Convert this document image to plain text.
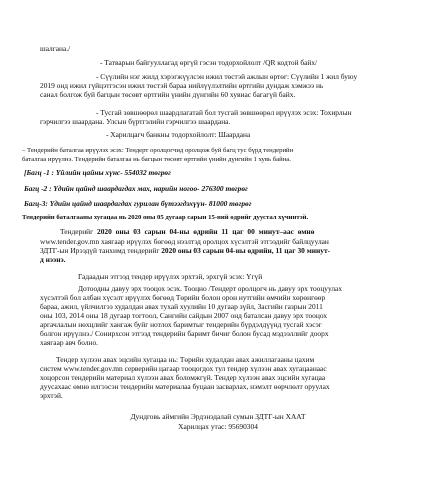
шалгана./
- Татварын байгууллагад өргүй гэсэн тодорхойлолт /QR кодтой байх/
- Сүүлийн нэг жилд хэрэгжүүлсэн ижил төстэй ажлын өртөг: Сүүлийн 1 жил буюу
2019 онд ижил гүйцэтгэсэн ижил төстэй бараа нийлүүлэлтийн өртгийн дундаж хэмжээ нь
санал болгож буй багцын төсөвт өртгийн үнийн дүнгийн 60 хувиас багагүй байх.
- Тусгай зөвшөөрөл шаардлагатай бол тусгай зөвшөөрөл ирүүлэх эсэх: Тохирлын
гэрчилгээ шаардана. Улсын бүртгэлийн гэрчилгээ шаардана.
- Харилцагч банкны тодорхойлолт: Шаардана
– Тендерийн баталгаа ирүүлэх эсэх: Тендерт оролцогчид оролцож буй багц тус бүрд тендерийн
баталгаа ирүүлнэ. Тендерийн баталгаа нь багцын төсөвт өртгийн үнийн дүнгийн 1 хувь байна.
[Багц -1 : Үйлийн цайны хүнс- 554032 төгрөг
Багц -2 : Үдийн цайнд шаардагдах мах, нарийн ногоо- 276300 төгрөг
Багц-3: Үдийн цайнд шаардагдах гурилан бүтээгдэхүүн- 81000 төгрөг
Тендерийн баталгааны хугацаа нь 2020 оны 05 дугаар сарын 15-ний өдрийг дуустал хүчинтэй.
Тендерийг 2020 оны 03 сарын 04-ны өдрийн 11 цаг 00 минут–аас өмнө
www.tender.gov.mn хаягаар ирүүлэх бөгөөд нээлтэд оролцох хүсэлтэй этгээдийг байлцуулан
ЗДТГ-ын Ирээдүй танхимд тендерийг 2020 оны 03 сарын 04-ны өдрийн, 11 цаг 30 минут-
д нээнэ.
Гадаадын этгээд тендер ирүүлэх эрхтэй, эрхгүй эсэх: Үгүй
Дотоодны давуу эрх тооцох эсэх. Тооцно /Тендерт оролцогч нь давуу эрх тооцуулах
хүсэлтэй бол албан хүсэлт ирүүлэх бөгөөд Төрийн болон орон нутгийн өмчийн хөрөнгөөр
бараа, ажил, үйлчилгээ худалдан авах тухай хуулийн 10 дугаар зүйл, Засгийн газрын 2011
оны 103, 2014 оны 18 дугаар тогтоол, Сангийн сайдын 2007 онд баталсан давуу эрх тооцох
аргачлалын нөхцлийг хангаж буйг нотлох баримтыг тендерийн бүрдэлдүүнд тусгай хэсэг
болгон ирүүлнэ./ Сонирхсон этгээд тендерийн баримт бичиг болон бусад мэдээллийг доорх
хаягаар авч болно.
Тендер хүлээн авах эцсийн хугацаа нь: Төрийн худалдан авах ажиллагааны цахим
систем www.tender.gov.mn серверийн цагаар тооцогдох тул тендер хүлээн авах хугацаанаас
хоцорсон тендерийн материал хүлээн авах боломжгүй. Тендер хүлээн авах эцсийн хугацаа
дуусахаас өмнө илгээсэн тендерийн материалаа буцаан засварлах, нэмэлт өөрчлөлт оруулах
эрхтэй.
Дундговь аймгийн Эрдэнэдалай сумын ЗДТГ-ын ХААТ
Харилцах утас: 95690304
